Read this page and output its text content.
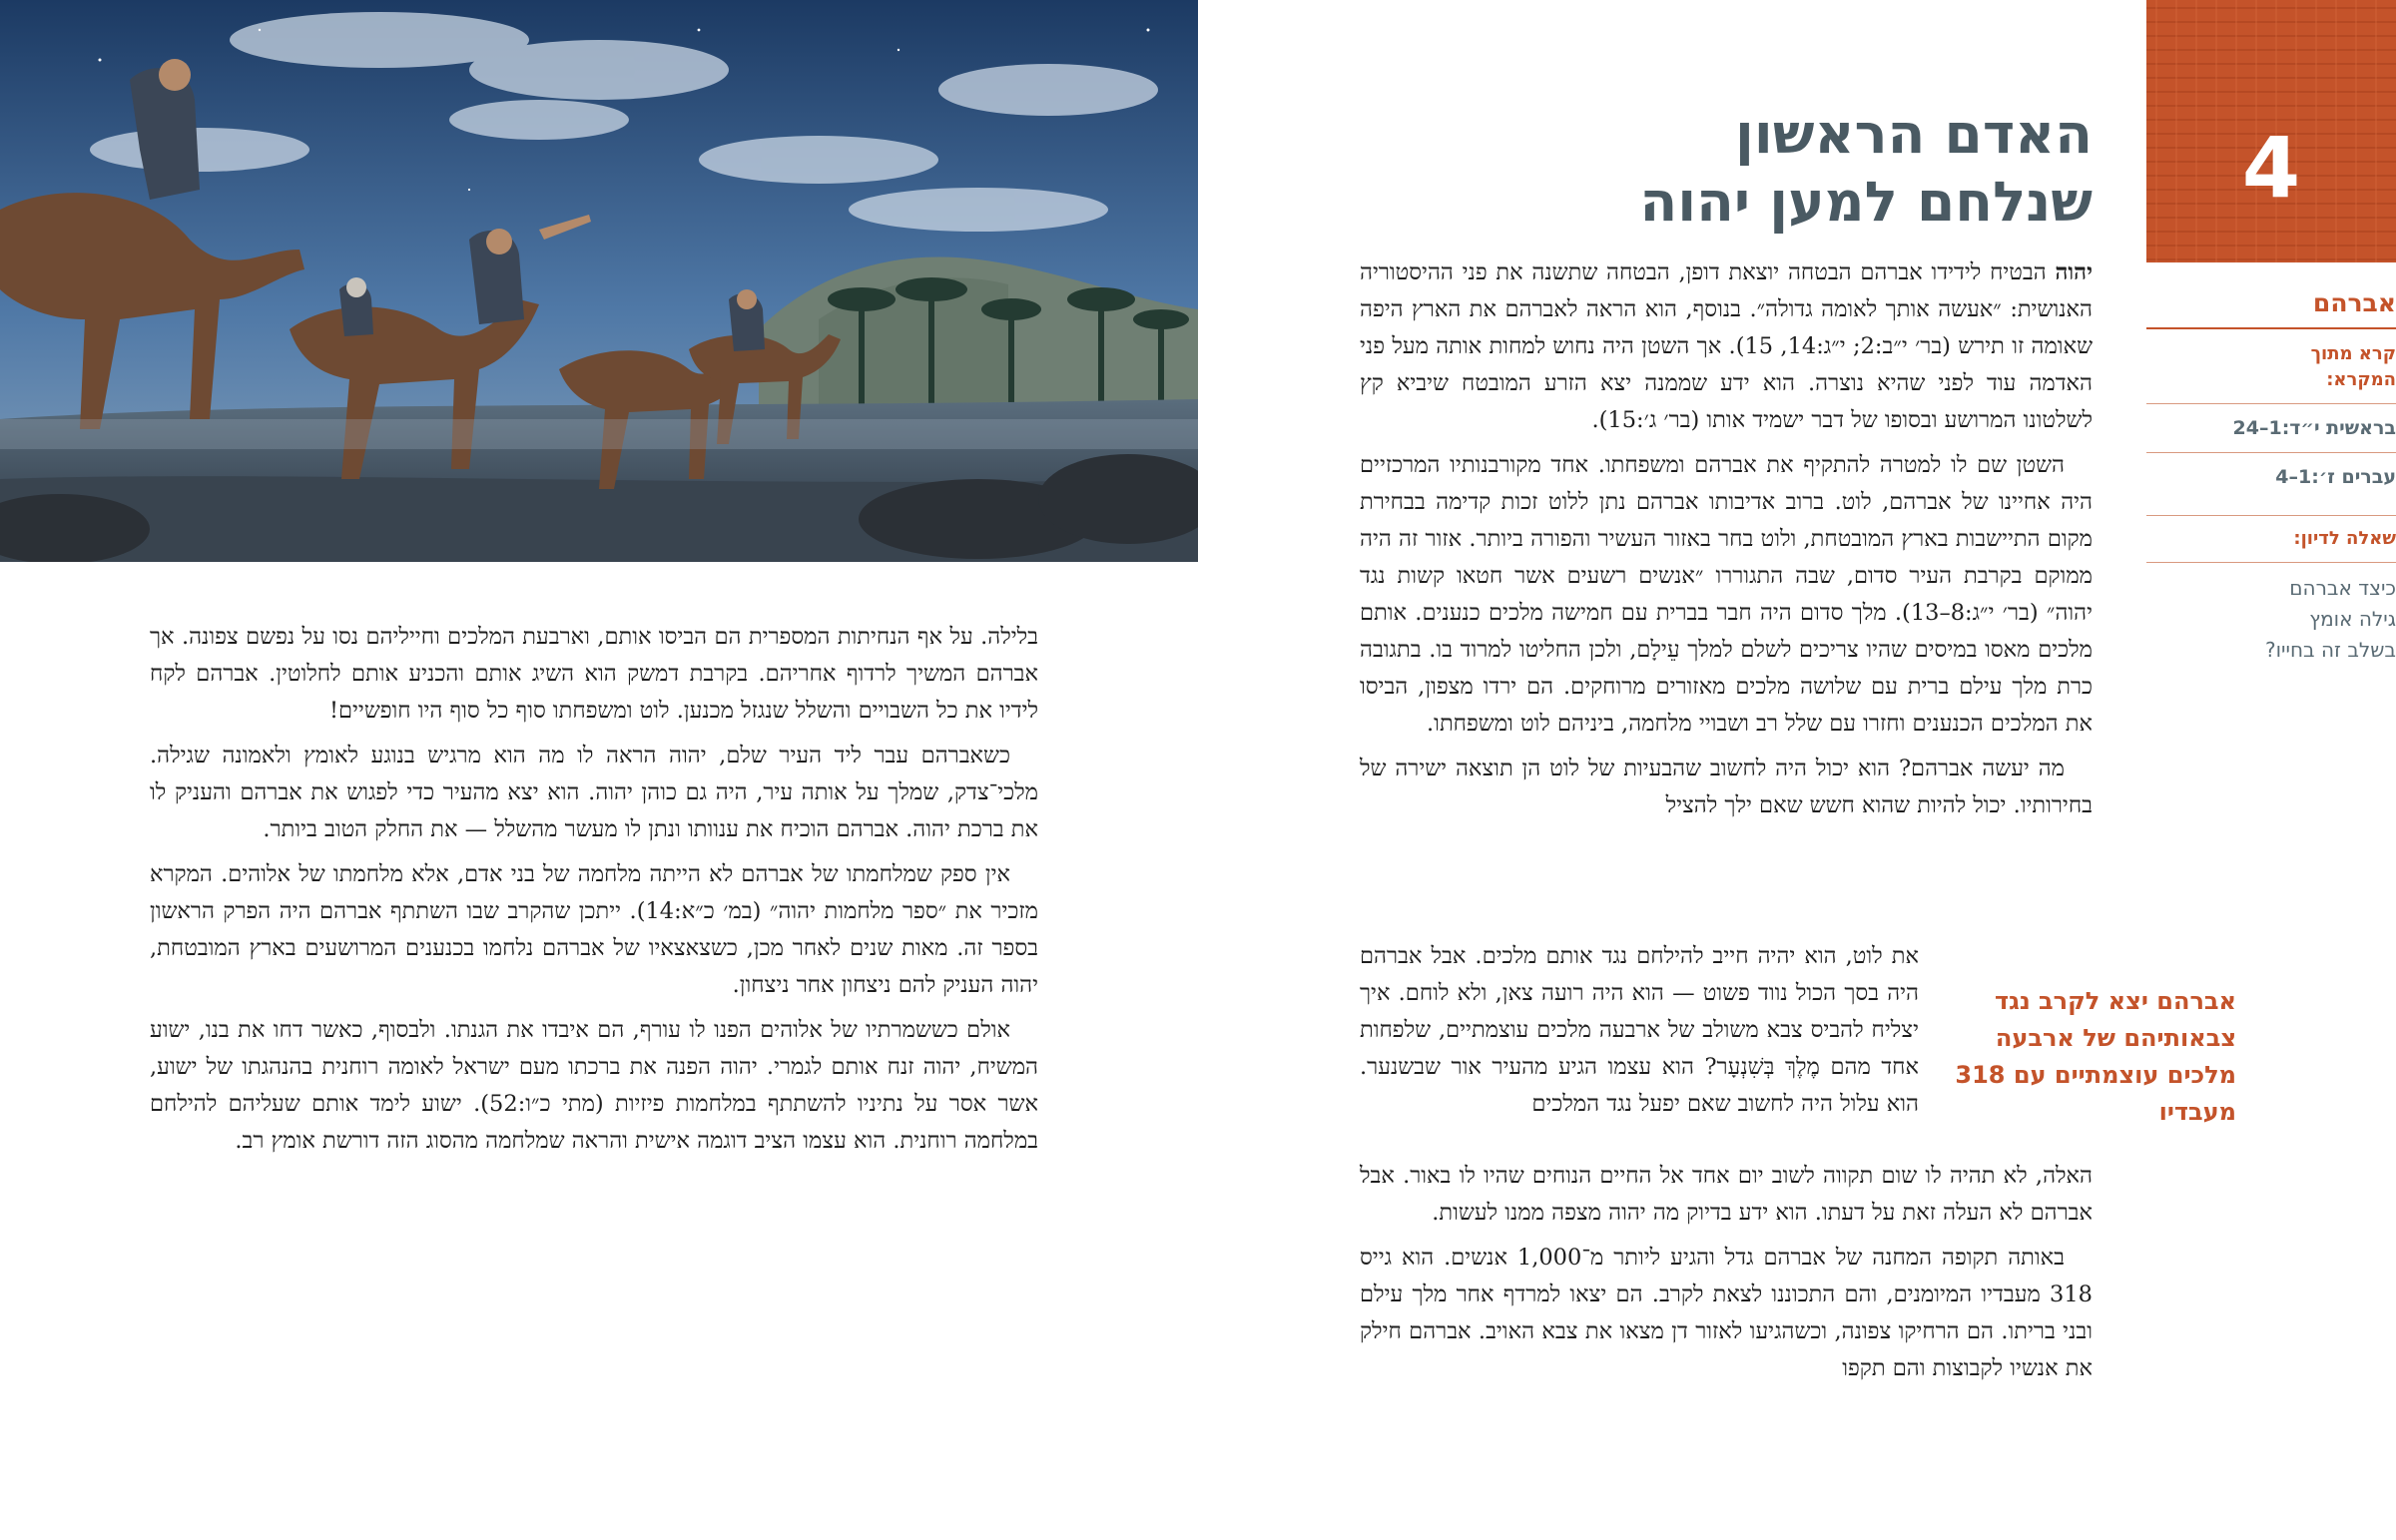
בלילה. על אף הנחיתות המספרית הם הביסו אותם, וארבעת המלכים וחייליהם נסו על נפשם צפונה. אך אברהם המשיך לרדוף אחריהם. בקרבת דמשק הוא השיג אותם והכניע אותם לחלוטין. אברהם לקח לידיו את כל השבויים והשלל שנגזל מכנען. לוט ומשפחתו סוף כל סוף היו חופשיים!

כשאברהם עבר ליד העיר שלם, יהוה הראה לו מה הוא מרגיש בנוגע לאומץ ולאמונה שגילה. מלכי־צדק, שמלך על אותה עיר, היה גם כוהן יהוה. הוא יצא מהעיר כדי לפגוש את אברהם והעניק לו את ברכת יהוה. אברהם הוכיח את ענוותו ונתן לו מעשר מהשלל — את החלק הטוב ביותר.

אין ספק שמלחמתו של אברהם לא הייתה מלחמה של בני אדם, אלא מלחמתו של אלוהים. המקרא מזכיר את ״ספר מלחמות יהוה״ (במ׳ כ״א:14). ייתכן שהקרב שבו השתתף אברהם היה הפרק הראשון בספר זה. מאות שנים לאחר מכן, כשצאצאיו של אברהם נלחמו בכנענים המרושעים בארץ המובטחת, יהוה העניק להם ניצחון אחר ניצחון.

אולם כששמרתיו של אלוהים הפנו לו עורף, הם איבדו את הגנתו. ולבסוף, כאשר דחו את בנו, ישוע המשיח, יהוה זנח אותם לגמרי. יהוה הפנה את ברכתו מעם ישראל לאומה רוחנית בהנהגתו של ישוע, אשר אסר על נתיניו להשתתף במלחמות פיזיות (מתי כ״ו:52). ישוע לימד אותם שעליהם להילחם במלחמה רוחנית. הוא עצמו הציב דוגמה אישית והראה שמלחמה מהסוג הזה דורשת אומץ רב.

האדם הראשון
שנלחם למען יהוה	4
אברהם
קרא מתוך
המקרא:
בראשית י״ד:1–24
עברים ז׳:1–4
שאלה לדיון:
כיצד אברהם
גילה אומץ
בשלב זה בחייו?

יהוה הבטיח לידידו אברהם הבטחה יוצאת דופן, הבטחה שתשנה את פני ההיסטוריה האנושית: ״אעשה אותך לאומה גדולה״. בנוסף, הוא הראה לאברהם את הארץ היפה שאומה זו תירש (בר׳ י״ב:2; י״ג:14, 15). אך השטן היה נחוש למחות אותה מעל פני האדמה עוד לפני שהיא נוצרה. הוא ידע שממנה יצא הזרע המובטח שיביא קץ לשלטונו המרושע ובסופו של דבר ישמיד אותו (בר׳ ג׳:15).

השטן שם לו למטרה להתקיף את אברהם ומשפחתו. אחד מקורבנותיו המרכזיים היה אחיינו של אברהם, לוט. ברוב אדיבותו אברהם נתן ללוט זכות קדימה בבחירת מקום התיישבות בארץ המובטחת, ולוט בחר באזור העשיר והפורה ביותר. אזור זה היה ממוקם בקרבת העיר סדום, שבה התגוררו ״אנשים רשעים אשר חטאו קשות נגד יהוה״ (בר׳ י״ג:8–13). מלך סדום היה חבר בברית עם חמישה מלכים כנענים. אותם מלכים מאסו במיסים שהיו צריכים לשלם למלך עֵילָם, ולכן החליטו למרוד בו. בתגובה כרת מלך עילם ברית עם שלושה מלכים מאזורים מרוחקים. הם ירדו מצפון, הביסו את המלכים הכנענים וחזרו עם שלל רב ושבויי מלחמה, ביניהם לוט ומשפחתו.

מה יעשה אברהם? הוא יכול היה לחשוב שהבעיות של לוט הן תוצאה ישירה של בחירותיו. יכול להיות שהוא חשש שאם ילך להציל

את לוט, הוא יהיה חייב להילחם נגד אותם מלכים. אבל אברהם היה בסך הכול נווד פשוט — הוא היה רועה צאן, ולא לוחם. איך יצליח להביס צבא משולב של ארבעה מלכים עוצמתיים, שלפחות אחד מהם מֶלֶךְ בְּשִׁנְעָר? הוא עצמו הגיע מהעיר אור שבשנער. הוא עלול היה לחשוב שאם יפעל נגד המלכים

האלה, לא תהיה לו שום תקווה לשוב יום אחד אל החיים הנוחים שהיו לו באור. אבל אברהם לא העלה זאת על דעתו. הוא ידע בדיוק מה יהוה מצפה ממנו לעשות.

באותה תקופה המחנה של אברהם גדל והגיע ליותר מ־1,000 אנשים. הוא גייס 318 מעבדיו המיומנים, והם התכוננו לצאת לקרב. הם יצאו למרדף אחר מלך עילם ובני בריתו. הם הרחיקו צפונה, וכשהגיעו לאזור דן מצאו את צבא האויב. אברהם חילק את אנשיו לקבוצות והם תקפו

אברהם יצא לקרב נגד צבאותיהם של ארבעה מלכים עוצמתיים עם 318 מעבדיו
